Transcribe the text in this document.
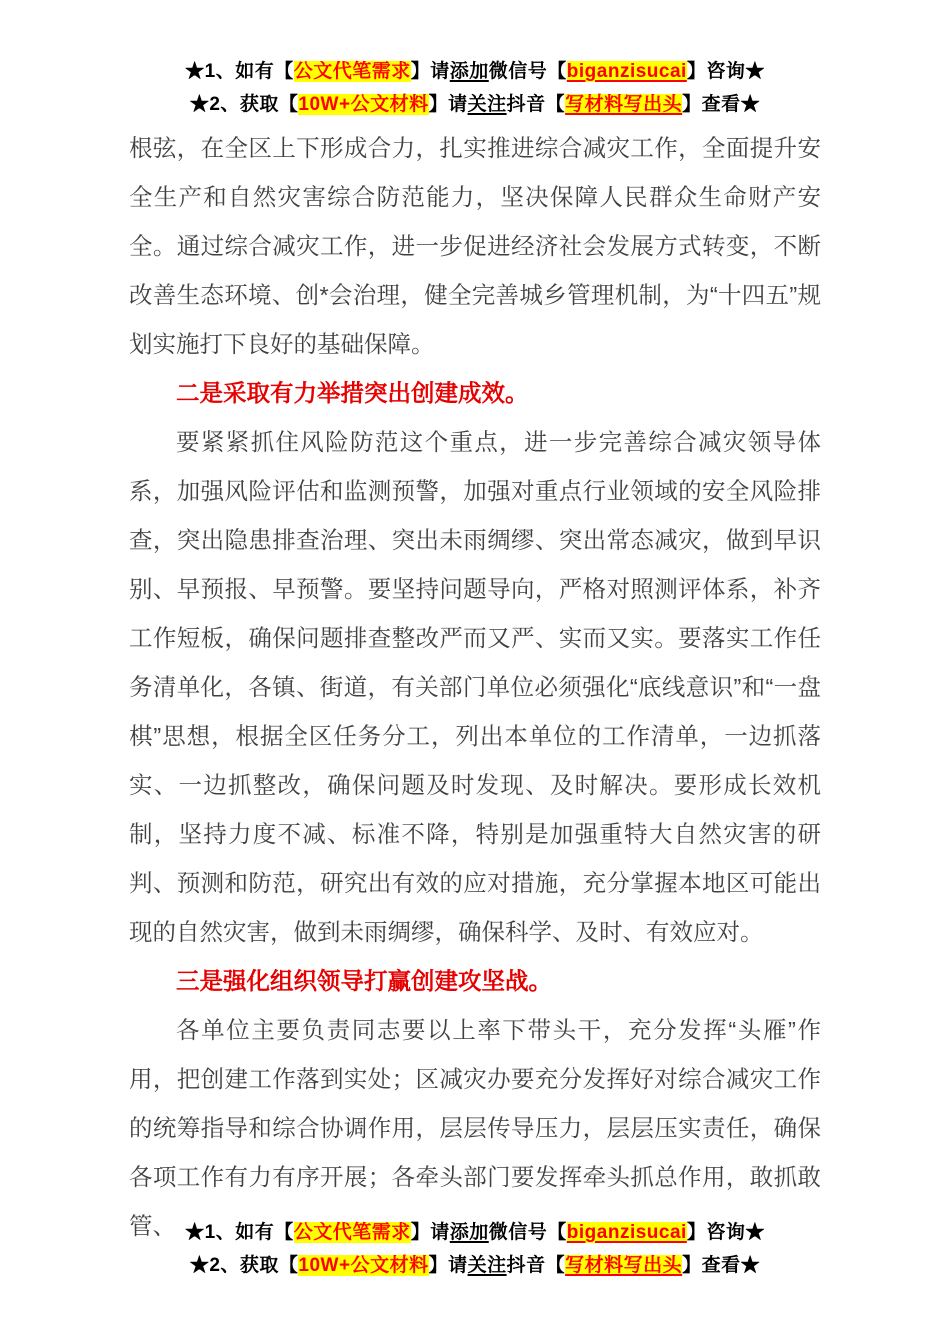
★1、如有【公文代笔需求】请添加微信号【biganzisucai】咨询★
★2、获取【10W+公文材料】请关注抖音【写材料写出头】查看★

根弦，在全区上下形成合力，扎实推进综合减灾工作，全面提升安全生产和自然灾害综合防范能力，坚决保障人民群众生命财产安全。通过综合减灾工作，进一步促进经济社会发展方式转变，不断改善生态环境、创*会治理，健全完善城乡管理机制，为“十四五”规划实施打下良好的基础保障。

二是采取有力举措突出创建成效。

要紧紧抓住风险防范这个重点，进一步完善综合减灾领导体系，加强风险评估和监测预警，加强对重点行业领域的安全风险排查，突出隐患排查治理、突出未雨绸缪、突出常态减灾，做到早识别、早预报、早预警。要坚持问题导向，严格对照测评体系，补齐工作短板，确保问题排查整改严而又严、实而又实。要落实工作任务清单化，各镇、街道，有关部门单位必须强化“底线意识”和“一盘棋”思想，根据全区任务分工，列出本单位的工作清单，一边抓落实、一边抓整改，确保问题及时发现、及时解决。要形成长效机制，坚持力度不减、标准不降，特别是加强重特大自然灾害的研判、预测和防范，研究出有效的应对措施，充分掌握本地区可能出现的自然灾害，做到未雨绸缪，确保科学、及时、有效应对。

三是强化组织领导打赢创建攻坚战。

各单位主要负责同志要以上率下带头干，充分发挥“头雁”作用，把创建工作落到实处；区减灾办要充分发挥好对综合减灾工作的统筹指导和综合协调作用，层层传导压力，层层压实责任，确保各项工作有力有序开展；各牵头部门要发挥牵头抓总作用，敢抓敢管、 ★1、如有【公文代笔需求】请添加微信号【biganzisucai】咨询★
★2、获取【10W+公文材料】请关注抖音【写材料写出头】查看★
